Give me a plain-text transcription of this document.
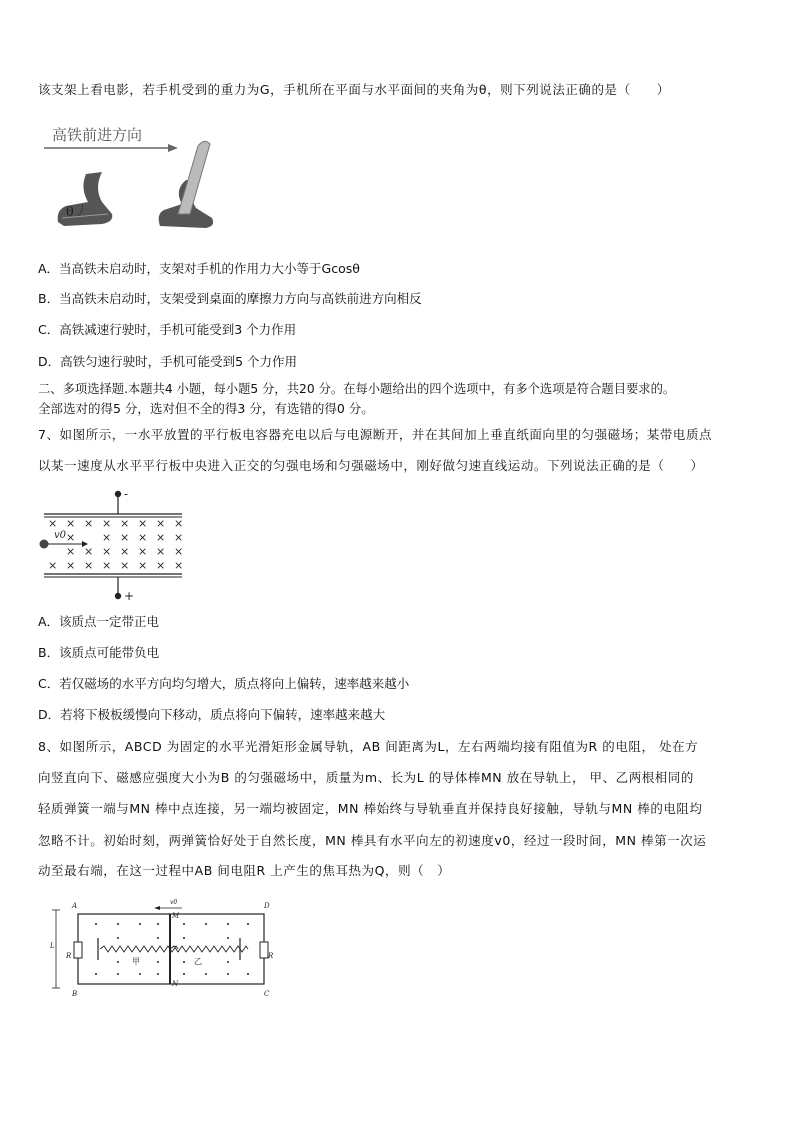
该支架上看电影，若手机受到的重力为G，手机所在平面与水平面间的夹角为θ，则下列说法正确的是（　　）
高铁前进方向
θ
A．当高铁未启动时，支架对手机的作用力大小等于Gcosθ
B．当高铁未启动时，支架受到桌面的摩擦力方向与高铁前进方向相反
C．高铁减速行驶时，手机可能受到3 个力作用
D．高铁匀速行驶时，手机可能受到5 个力作用
二、多项选择题.本题共4 小题，每小题5 分，共20 分。在每小题给出的四个选项中，有多个选项是符合题目要求的。
全部选对的得5 分，选对但不全的得3 分，有选错的得0 分。
7、如图所示，一水平放置的平行板电容器充电以后与电源断开，并在其间加上垂直纸面向里的匀强磁场；某带电质点
以某一速度从水平平行板中央进入正交的匀强电场和匀强磁场中，刚好做匀速直线运动。下列说法正确的是（　　）
-
+
× × × × × × × ×
× × × × × ×
× × × × × × ×
× × × × × × × ×
v0
A．该质点一定带正电
B．该质点可能带负电
C．若仅磁场的水平方向均匀增大，质点将向上偏转，速率越来越小
D．若将下极板缓慢向下移动，质点将向下偏转，速率越来越大
8、如图所示，ABCD 为固定的水平光滑矩形金属导轨，AB 间距离为L，左右两端均接有阻值为R 的电阻， 处在方
向竖直向下、磁感应强度大小为B 的匀强磁场中，质量为m、长为L 的导体棒MN 放在导轨上， 甲、乙两根相同的
轻质弹簧一端与MN 棒中点连接，另一端均被固定，MN 棒始终与导轨垂直并保持良好接触，导轨与MN 棒的电阻均
忽略不计。初始时刻，两弹簧恰好处于自然长度，MN 棒具有水平向左的初速度v0，经过一段时间，MN 棒第一次运
动至最右端，在这一过程中AB 间电阻R 上产生的焦耳热为Q，则（　）
A
B	C
D
M
N
L
R	R
v0
甲	乙
